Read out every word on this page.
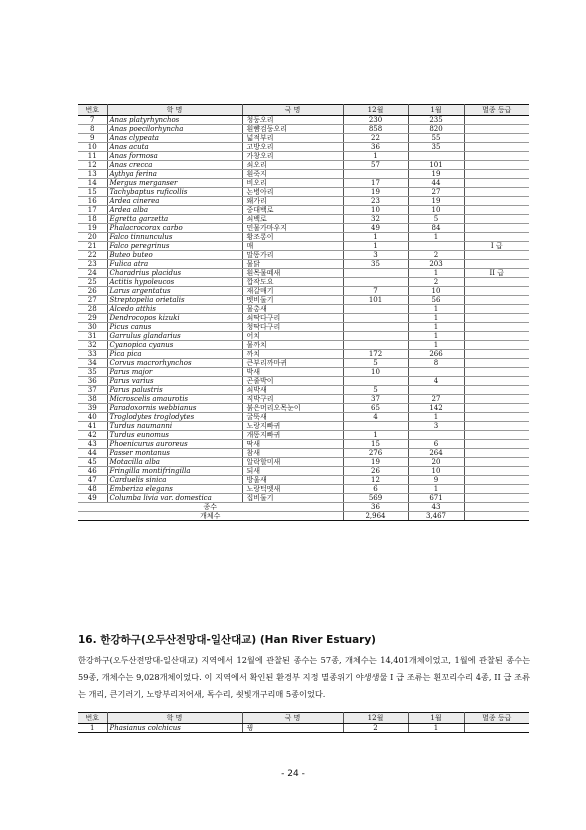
번호	학 명	국 명	12월	1월	멸종 등급
7	Anas platyrhynchos	청둥오리	230	235	
8	Anas poecilorhyncha	흰뺨검둥오리	858	820	
9	Anas clypeata	넓적부리	22	55	
10	Anas acuta	고방오리	36	35	
11	Anas formosa	가창오리	1		
12	Anas crecca	쇠오리	57	101	
13	Aythya ferina	흰죽지		19	
14	Mergus merganser	비오리	17	44	
15	Tachybaptus ruficollis	논병아리	19	27	
16	Ardea cinerea	왜가리	23	19	
17	Ardea alba	중대백로	10	10	
18	Egretta garzetta	쇠백로	32	5	
19	Phalacrocorax carbo	민물가마우지	49	84	
20	Falco tinnunculus	황조롱이	1	1	
21	Falco peregrinus	매	1		I 급
22	Buteo buteo	말똥가리	3	2	
23	Fulica atra	물닭	35	203	
24	Charadrius placidus	흰목물떼새		1	II 급
25	Actitis hypoleucos	깝작도요		2	
26	Larus argentatus	재갈매기	7	10	
27	Streptopelia orietalis	멧비둘기	101	56	
28	Alcedo atthis	물총새		1	
29	Dendrocopos kizuki	쇠딱다구리		1	
30	Picus canus	청딱다구리		1	
31	Garrulus glandarius	어치		1	
32	Cyanopica cyanus	물까치		1	
33	Pica pica	까치	172	266	
34	Corvus macrorhynchos	큰부리까마귀	5	8	
35	Parus major	박새	10		
36	Parus varius	곤줄박이		4	
37	Parus palustris	쇠박새	5		
38	Microscelis amaurotis	직박구리	37	27	
39	Paradoxornis webbianus	붉은머리오목눈이	65	142	
40	Troglodytes troglodytes	굴뚝새	4	1	
41	Turdus naumanni	노랑지빠귀		3	
42	Turdus eunomus	개똥지빠귀	1		
43	Phoenicurus auroreus	딱새	15	6	
44	Passer montanus	참새	276	264	
45	Motacilla alba	알락할미새	19	20	
46	Fringilla montifringilla	되새	26	10	
47	Carduelis sinica	방울새	12	9	
48	Emberiza elegans	노랑턱멧새	6	1	
49	Columba livia var. domestica	집비둘기	569	671	
종수			36	43	
개체수			2,964	3,467	
16. 한강하구(오두산전망대-일산대교) (Han River Estuary)

한강하구(오두산전망대-일산대교) 지역에서 12월에 관찰된 종수는 57종, 개체수는 14,401개체이었고, 1월에 관찰된 종수는 59종, 개체수는 9,028개체이었다. 이 지역에서 확인된 환경부 지정 멸종위기 야생생물 I 급 조류는 흰꼬리수리 4종, II 급 조류는 개리, 큰기러기, 노랑부리저어새, 독수리, 쇳빛개구리매 5종이었다.

번호	학 명	국 명	12월	1월	멸종 등급
1	Phasianus colchicus	꿩	2	1	
- 24 -
